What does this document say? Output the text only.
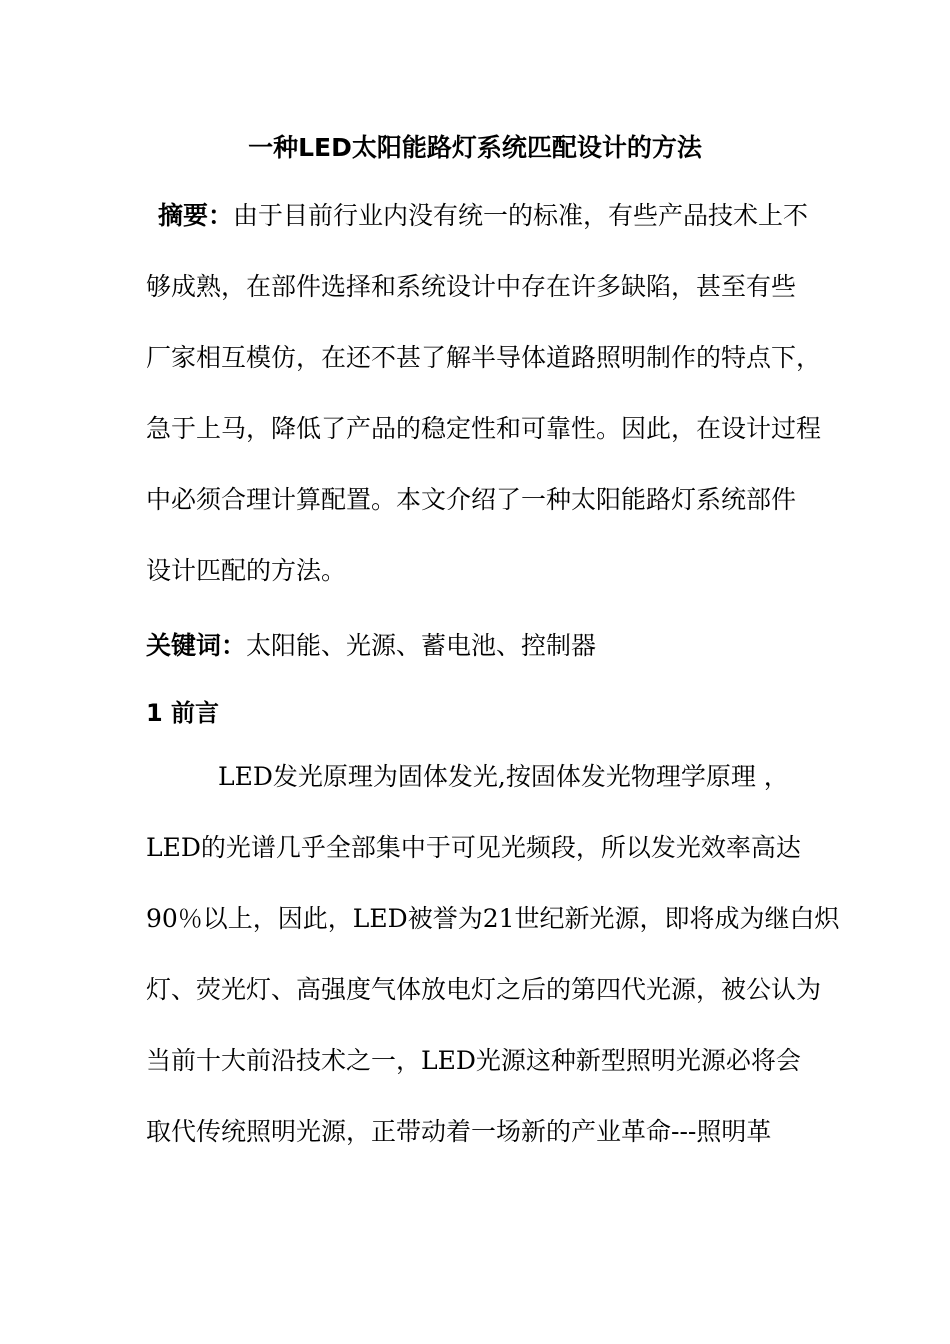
一种LED太阳能路灯系统匹配设计的方法
摘要：由于目前行业内没有统一的标准，有些产品技术上不
够成熟，在部件选择和系统设计中存在许多缺陷，甚至有些
厂家相互模仿，在还不甚了解半导体道路照明制作的特点下，
急于上马，降低了产品的稳定性和可靠性。因此，在设计过程
中必须合理计算配置。本文介绍了一种太阳能路灯系统部件
设计匹配的方法。
关键词：太阳能、光源、蓄电池、控制器
1 前言
LED发光原理为固体发光,按固体发光物理学原理 ，
LED的光谱几乎全部集中于可见光频段，所以发光效率高达
90％以上，因此，LED被誉为21世纪新光源，即将成为继白炽
灯、荧光灯、高强度气体放电灯之后的第四代光源，被公认为
当前十大前沿技术之一，LED光源这种新型照明光源必将会
取代传统照明光源，正带动着一场新的产业革命---照明革
